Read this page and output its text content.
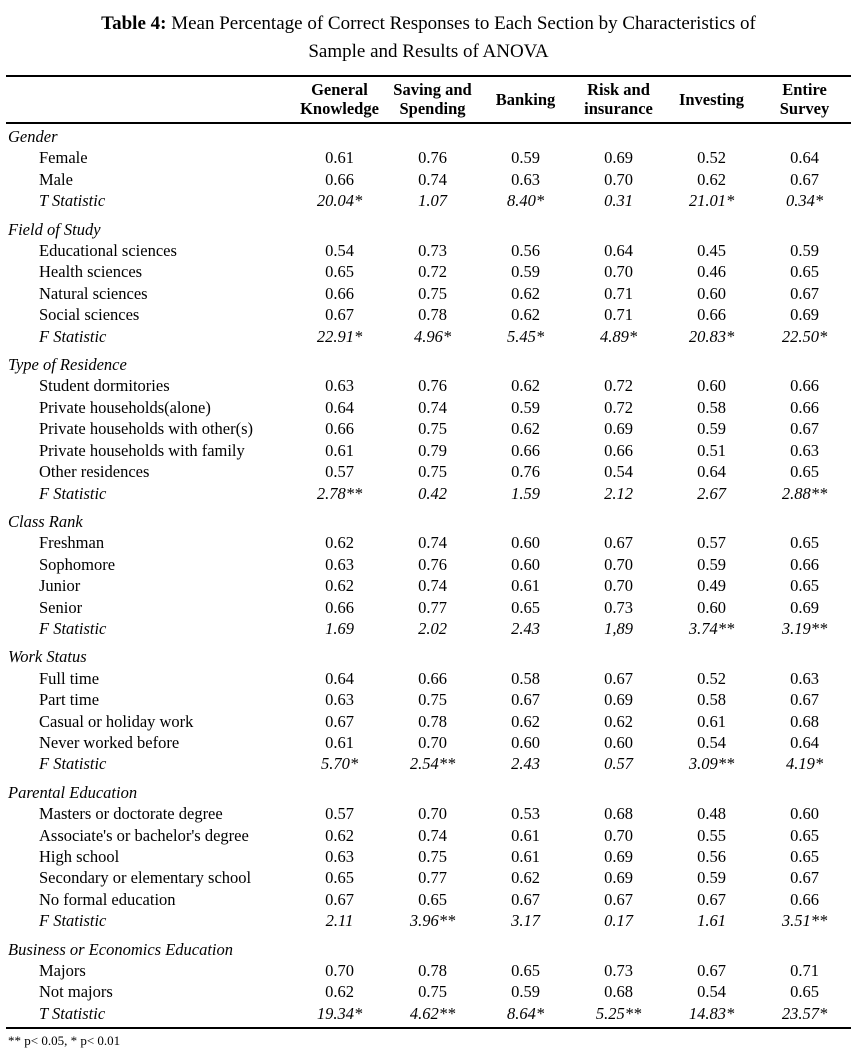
Table 4: Mean Percentage of Correct Responses to Each Section by Characteristics of
Sample and Results of ANOVA
	General Knowledge	Saving and Spending	Banking	Risk and insurance	Investing	Entire Survey
Gender						
Female	0.61	0.76	0.59	0.69	0.52	0.64
Male	0.66	0.74	0.63	0.70	0.62	0.67
T Statistic	20.04*	1.07	8.40*	0.31	21.01*	0.34*
Field of Study						
Educational sciences	0.54	0.73	0.56	0.64	0.45	0.59
Health sciences	0.65	0.72	0.59	0.70	0.46	0.65
Natural sciences	0.66	0.75	0.62	0.71	0.60	0.67
Social sciences	0.67	0.78	0.62	0.71	0.66	0.69
F Statistic	22.91*	4.96*	5.45*	4.89*	20.83*	22.50*
Type of Residence						
Student dormitories	0.63	0.76	0.62	0.72	0.60	0.66
Private households(alone)	0.64	0.74	0.59	0.72	0.58	0.66
Private households with other(s)	0.66	0.75	0.62	0.69	0.59	0.67
Private households with family	0.61	0.79	0.66	0.66	0.51	0.63
Other residences	0.57	0.75	0.76	0.54	0.64	0.65
F Statistic	2.78**	0.42	1.59	2.12	2.67	2.88**
Class Rank						
Freshman	0.62	0.74	0.60	0.67	0.57	0.65
Sophomore	0.63	0.76	0.60	0.70	0.59	0.66
Junior	0.62	0.74	0.61	0.70	0.49	0.65
Senior	0.66	0.77	0.65	0.73	0.60	0.69
F Statistic	1.69	2.02	2.43	1,89	3.74**	3.19**
Work Status						
Full time	0.64	0.66	0.58	0.67	0.52	0.63
Part time	0.63	0.75	0.67	0.69	0.58	0.67
Casual or holiday work	0.67	0.78	0.62	0.62	0.61	0.68
Never worked before	0.61	0.70	0.60	0.60	0.54	0.64
F Statistic	5.70*	2.54**	2.43	0.57	3.09**	4.19*
Parental Education						
Masters or doctorate degree	0.57	0.70	0.53	0.68	0.48	0.60
Associate's or bachelor's degree	0.62	0.74	0.61	0.70	0.55	0.65
High school	0.63	0.75	0.61	0.69	0.56	0.65
Secondary or elementary school	0.65	0.77	0.62	0.69	0.59	0.67
No formal education	0.67	0.65	0.67	0.67	0.67	0.66
F Statistic	2.11	3.96**	3.17	0.17	1.61	3.51**
Business or Economics Education						
Majors	0.70	0.78	0.65	0.73	0.67	0.71
Not majors	0.62	0.75	0.59	0.68	0.54	0.65
T Statistic	19.34*	4.62**	8.64*	5.25**	14.83*	23.57*
** p< 0.05, * p< 0.01
